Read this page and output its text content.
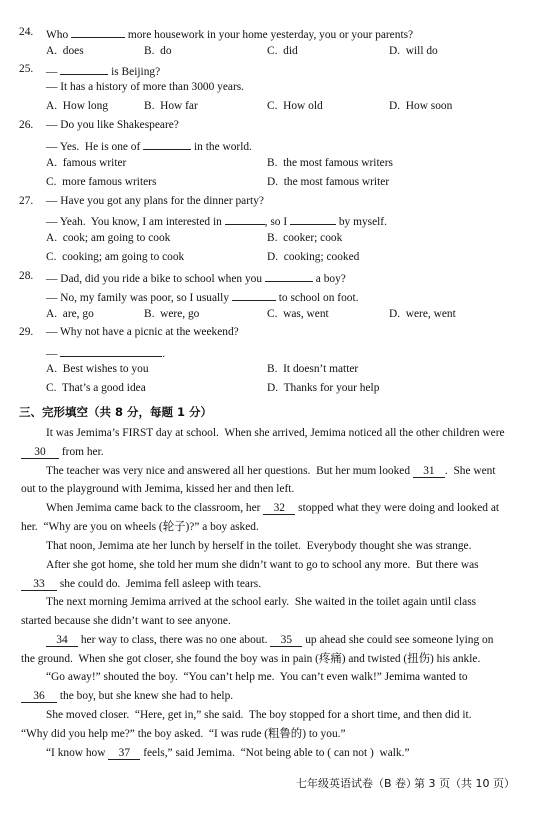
24. Who	more housework in your home yesterday, you or your parents?
A.  does	B.  do	C.  did	D.  will do
25. —	is Beijing?
— It has a history of more than 3000 years.
A.  How long	B.  How far	C.  How old	D.  How soon
26. — Do you like Shakespeare?
— Yes.  He is one of	in the world.
A.  famous writer	B.  the most famous writers
C.  more famous writers	D.  the most famous writer
27. — Have you got any plans for the dinner party?
— Yeah.  You know, I am interested in	, so I	by myself.
A.  cook; am going to cook	B.  cooker; cook
C.  cooking; am going to cook	D.  cooking; cooked
28. — Dad, did you ride a bike to school when you	a boy?
— No, my family was poor, so I usually	to school on foot.
A.  are, go	B.  were, go	C.  was, went	D.  were, went
29. — Why not have a picnic at the weekend?
—	.
A.  Best wishes to you	B.  It doesn’t matter
C.  That’s a good idea	D.  Thanks for your help
三、完形填空（共 8 分，每题 1 分）
It was Jemima’s FIRST day at school.  When she arrived, Jemima noticed all the other children were
30 from her.
The teacher was very nice and answered all her questions.  But her mum looked 31 .  She went
out to the playground with Jemima, kissed her and then left.
When Jemima came back to the classroom, her 32 stopped what they were doing and looked at
her.  “Why are you on wheels (轮子)?” a boy asked.
That noon, Jemima ate her lunch by herself in the toilet.  Everybody thought she was strange.
After she got home, she told her mum she didn’t want to go to school any more.  But there was
33 she could do.  Jemima fell asleep with tears.
The next morning Jemima arrived at the school early.  She waited in the toilet again until class
started because she didn’t want to see anyone.
34 her way to class, there was no one about. 35 up ahead she could see someone lying on
the ground.  When she got closer, she found the boy was in pain (疼痛) and twisted (扭伤) his ankle.
“Go away!” shouted the boy.  “You can’t help me.  You can’t even walk!” Jemima wanted to
36 the boy, but she knew she had to help.
She moved closer.  “Here, get in,” she said.  The boy stopped for a short time, and then did it.
“Why did you help me?” the boy asked.  “I was rude (粗鲁的) to you.”
“I know how 37 feels,” said Jemima.  “Not being able to ( can not )  walk.”
七年级英语试卷（B 卷）
第 3 页（共 10 页）
